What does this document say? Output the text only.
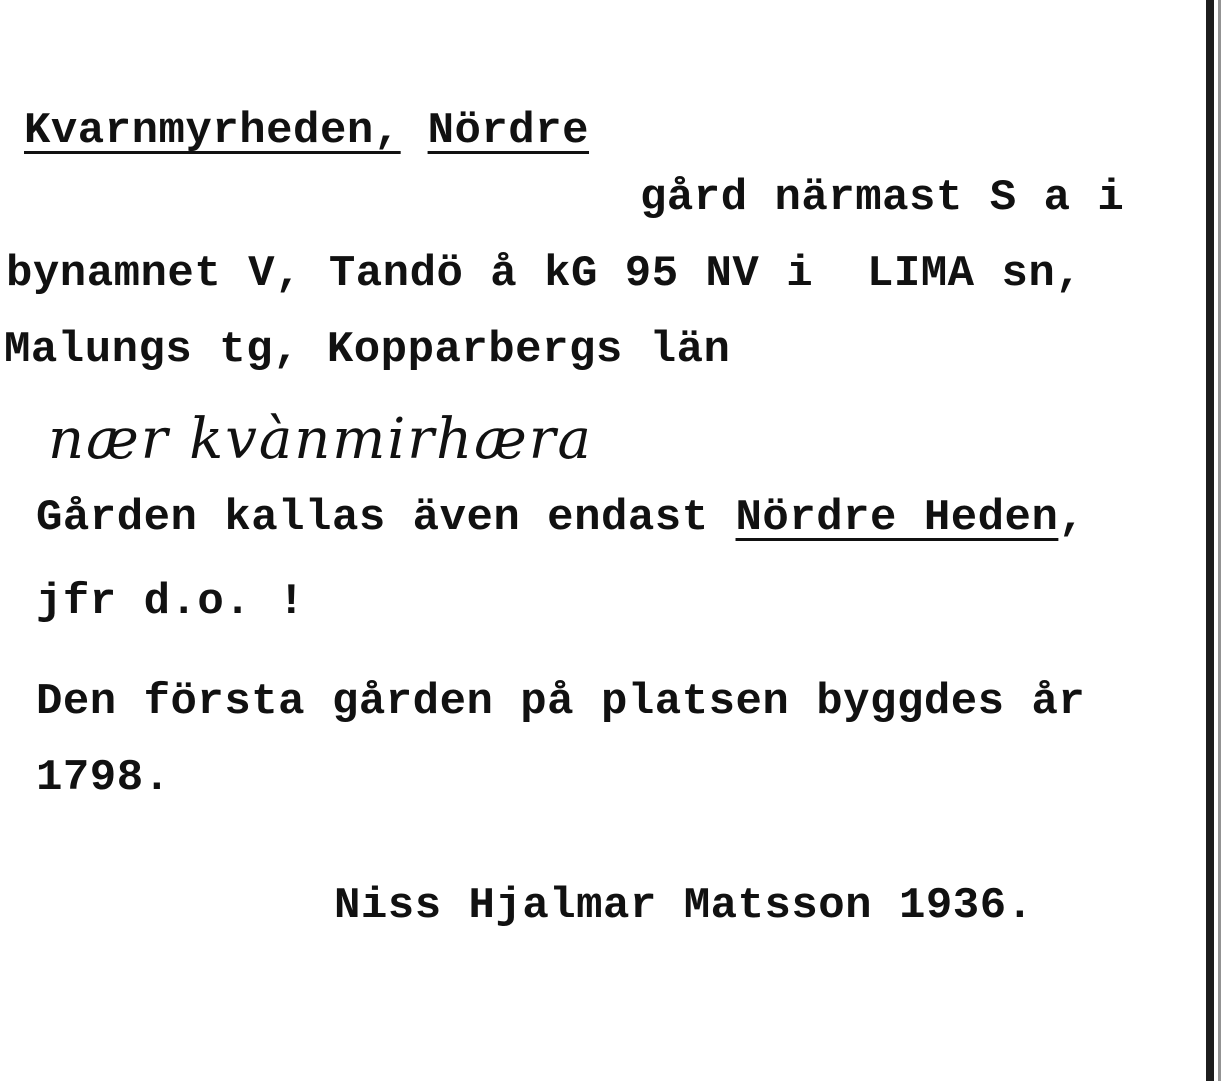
Kvarnmyrheden, Nördre
gård närmast S a i
bynamnet V, Tandö å kG 95 NV i  LIMA sn,
Malungs tg, Kopparbergs län
nær kvànmirhæra
Gården kallas även endast Nördre Heden,
jfr d.o. !
Den första gården på platsen byggdes år
1798.
Niss Hjalmar Matsson 1936.
